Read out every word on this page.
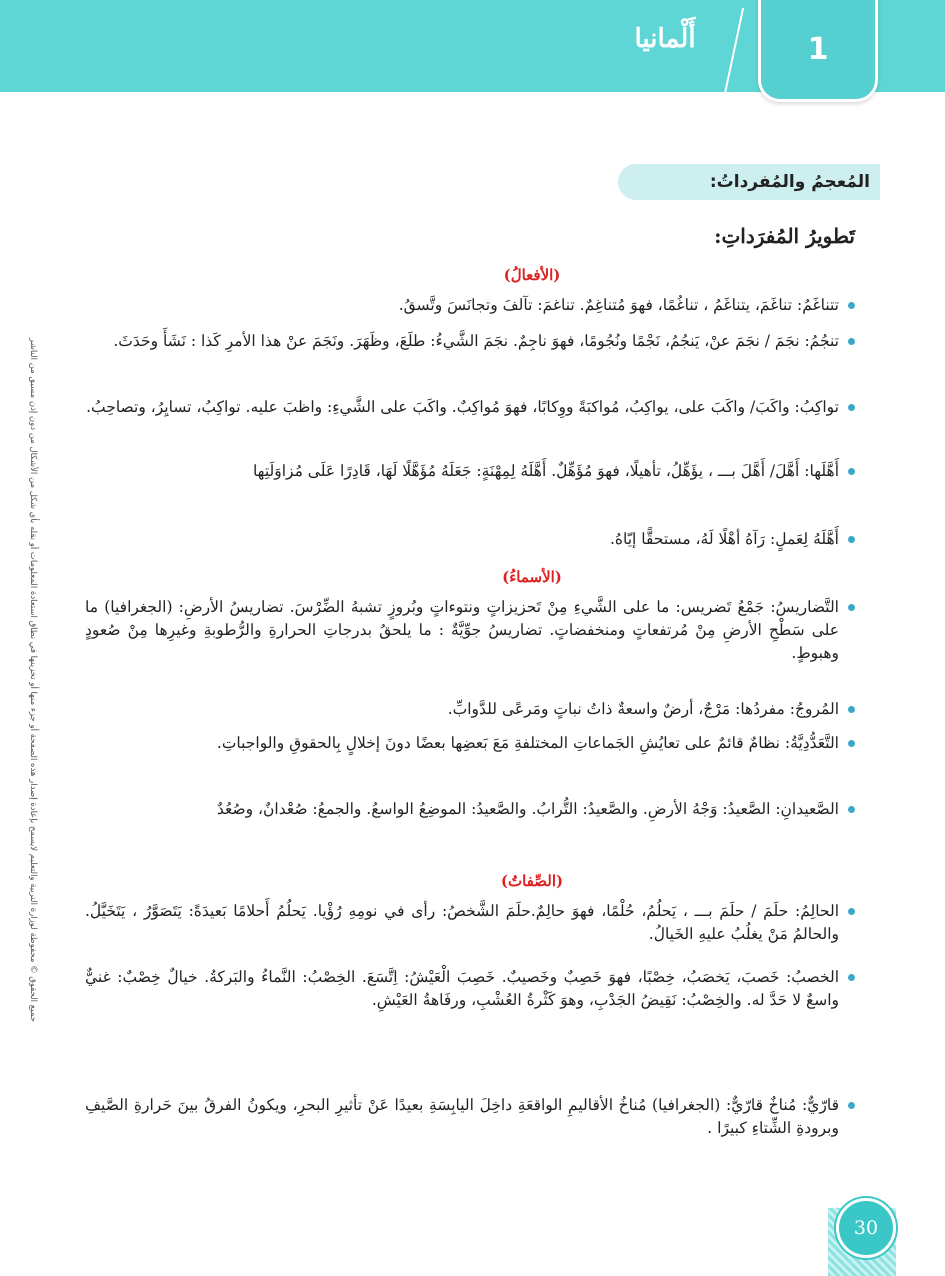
1
أَلْمانيا
المُعجمُ والمُفرداتُ:
تَطويرُ المُفرَداتِ:
(الأفعالُ)
تتناغَمُ: تناغَمَ، يتناغَمُ ، تناغُمًا، فهوَ مُتناغِمٌ. تناغمَ: تآلفَ وتجانَسَ وتَّسقُ.
تنجُمُ: نجَمَ / نجَمَ عنْ، يَنجُمُ، نَجْمًا ونُجُومًا، فهوَ ناجِمٌ. نجَمَ الشَّيءُ: طلَعَ، وظَهَرَ. ونَجَمَ عنْ هذا الأمرِ كَذا : نَشَأَ وحَدَثَ.
تواكِبُ: واكَبَ/ واكَبَ على، يواكِبُ، مُواكبَةً ووِكابًا، فهوَ مُواكِبٌ. واكَبَ على الشَّيءِ: واظبَ عليه. تواكِبُ، تسايِرُ، وتصاحِبُ.
أَهَّلَها: أَهَّلَ/ أَهَّلَ بـــ ، يؤَهِّلُ، تأهيلًا، فهوَ مُؤَهِّلٌ. أَهَّلَهُ لِمِهْنَةٍ: جَعَلَهُ مُؤَهَّلًا لَهَا، قَادِرًا عَلَى مُزاوَلَتِها
أَهَّلَهُ لِعَملٍ: رَآهُ أهْلًا لَهُ، مستحقًّا إيّاهُ.
(الأسماءُ)
التَّضاريسُ: جَمْعُ تَضريس: ما على الشَّيءِ مِنْ تَحزيزاتٍ ونتوءاتٍ وبُروزٍ تشبهُ الضِّرْسَ. تضاريسُ الأرضِ: (الجغرافيا) ما على سَطْحِ الأرضِ مِنْ مُرتفعاتٍ ومنخفضاتٍ. تضاريسُ جوِّيَّةٌ : ما يلحقُ بدرجاتِ الحرارةِ والرُّطوبةِ وغيرِها مِنْ صُعودٍ وهبوطٍ.
المُروجُ: مفردُها: مَرْجٌ، أرضٌ واسعةٌ ذاتُ نباتٍ ومَرعًى للدَّوابِّ.
التَّعَدُّدِيَّةُ: نظامٌ قائمٌ على تعايُشِ الجَماعاتِ المختلفةِ مَعَ بَعضِها بعضًا دونَ إخلالٍ بِالحقوقِ والواجباتِ.
الصَّعيدانِ: الصَّعيدُ: وَجْهُ الأرضِ. والصَّعيدُ: التُّرابُ. والصَّعيدُ: الموضِعُ الواسعُ. والجمعُ: صُعْدانٌ، وصُعُدٌ
(الصِّفاتُ)
الحالِمُ: حلَمَ / حلَمَ بـــ ، يَحلُمُ، حُلْمًا، فهوَ حالِمٌ.حلَمَ الشَّخصُ: رأى في نومِهِ رُؤْيا. يَحلُمُ أَحلامًا بَعيدَةً: يَتَصَوَّرُ ، يَتَخَيَّلُ. والحالمُ مَنْ يغلُبُ عليهِ الخَيالُ.
الخصبُ: خَصبَ، يَخصَبُ، خِصْبًا، فهوَ خَصِبٌ وخَصيبٌ. خَصِبَ الْعَيْشُ: اِتَّسَعَ. الخِصْبُ: النَّماءُ والبَركةُ. خيالٌ خِصْبٌ: غنيٌّ واسعٌ لا حَدَّ له. والخِصْبُ: نَقِيضُ الجَدْبِ، وهوَ كَثْرةُ العُشْبِ، ورفَاهةُ العَيْشِ.
قارّيٌّ: مُناخٌ قارّيٌّ: (الجغرافيا) مُناخُ الأقاليمِ الواقعَةِ داخِلَ اليابِسَةِ بعيدًا عَنْ تأثيرِ البحرِ، ويكونُ الفرقُ بينَ حَرارةِ الصَّيفِ وبرودةِ الشِّتاءِ كبيرًا .
جميع الحقوق © محفوظة لوزارة التربية والتعليم لايسمح بإعادة إصدار هذه الصفحة أو جزء منها أو تخزينها في نطاق استعادة المعلومات أو نقله بأي شكل من الأشكال من دون إذن مسبق من الناشر
30
